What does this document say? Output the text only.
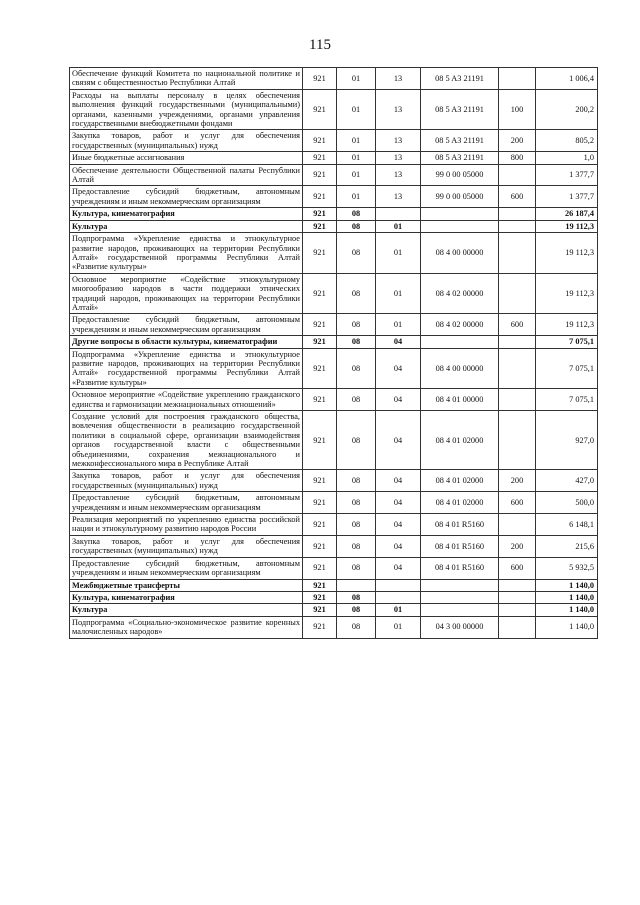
115
Обеспечение функций Комитета по национальной политике и связям с общественностью Республики Алтай	921	01	13	08 5 A3 21191		1 006,4
Расходы на выплаты персоналу в целях обеспечения выполнения функций государственными (муниципальными) органами, казенными учреждениями, органами управления государственными внебюджетными фондами	921	01	13	08 5 A3 21191	100	200,2
Закупка товаров, работ и услуг для обеспечения государственных (муниципальных) нужд	921	01	13	08 5 A3 21191	200	805,2
Иные бюджетные ассигнования	921	01	13	08 5 A3 21191	800	1,0
Обеспечение деятельности Общественной палаты Республики Алтай	921	01	13	99 0 00 05000		1 377,7
Предоставление субсидий бюджетным, автономным учреждениям и иным некоммерческим организациям	921	01	13	99 0 00 05000	600	1 377,7
Культура, кинематография	921	08				26 187,4
Культура	921	08	01			19 112,3
Подпрограмма «Укрепление единства и этнокультурное развитие народов, проживающих на территории Республики Алтай» государственной программы Республики Алтай «Развитие культуры»	921	08	01	08 4 00 00000		19 112,3
Основное мероприятие «Содействие этнокультурному многообразию народов в части поддержки этнических традиций народов, проживающих на территории Республики Алтай»	921	08	01	08 4 02 00000		19 112,3
Предоставление субсидий бюджетным, автономным учреждениям и иным некоммерческим организациям	921	08	01	08 4 02 00000	600	19 112,3
Другие вопросы в области культуры, кинематографии	921	08	04			7 075,1
Подпрограмма «Укрепление единства и этнокультурное развитие народов, проживающих на территории Республики Алтай» государственной программы Республики Алтай «Развитие культуры»	921	08	04	08 4 00 00000		7 075,1
Основное мероприятие «Содействие укреплению гражданского единства и гармонизации межнациональных отношений»	921	08	04	08 4 01 00000		7 075,1
Создание условий для построения гражданского общества, вовлечения общественности в реализацию государственной политики в социальной сфере, организации взаимодействия органов государственной власти с общественными объединениями, сохранения межнационального и межконфессионального мира в Республике Алтай	921	08	04	08 4 01 02000		927,0
Закупка товаров, работ и услуг для обеспечения государственных (муниципальных) нужд	921	08	04	08 4 01 02000	200	427,0
Предоставление субсидий бюджетным, автономным учреждениям и иным некоммерческим организациям	921	08	04	08 4 01 02000	600	500,0
Реализация мероприятий по укреплению единства российской нации и этнокультурному развитию народов России	921	08	04	08 4 01 R5160		6 148,1
Закупка товаров, работ и услуг для обеспечения государственных (муниципальных) нужд	921	08	04	08 4 01 R5160	200	215,6
Предоставление субсидий бюджетным, автономным учреждениям и иным некоммерческим организациям	921	08	04	08 4 01 R5160	600	5 932,5
Межбюджетные трансферты	921					1 140,0
Культура, кинематография	921	08				1 140,0
Культура	921	08	01			1 140,0
Подпрограмма «Социально-экономическое развитие коренных малочисленных народов»	921	08	01	04 3 00 00000		1 140,0
